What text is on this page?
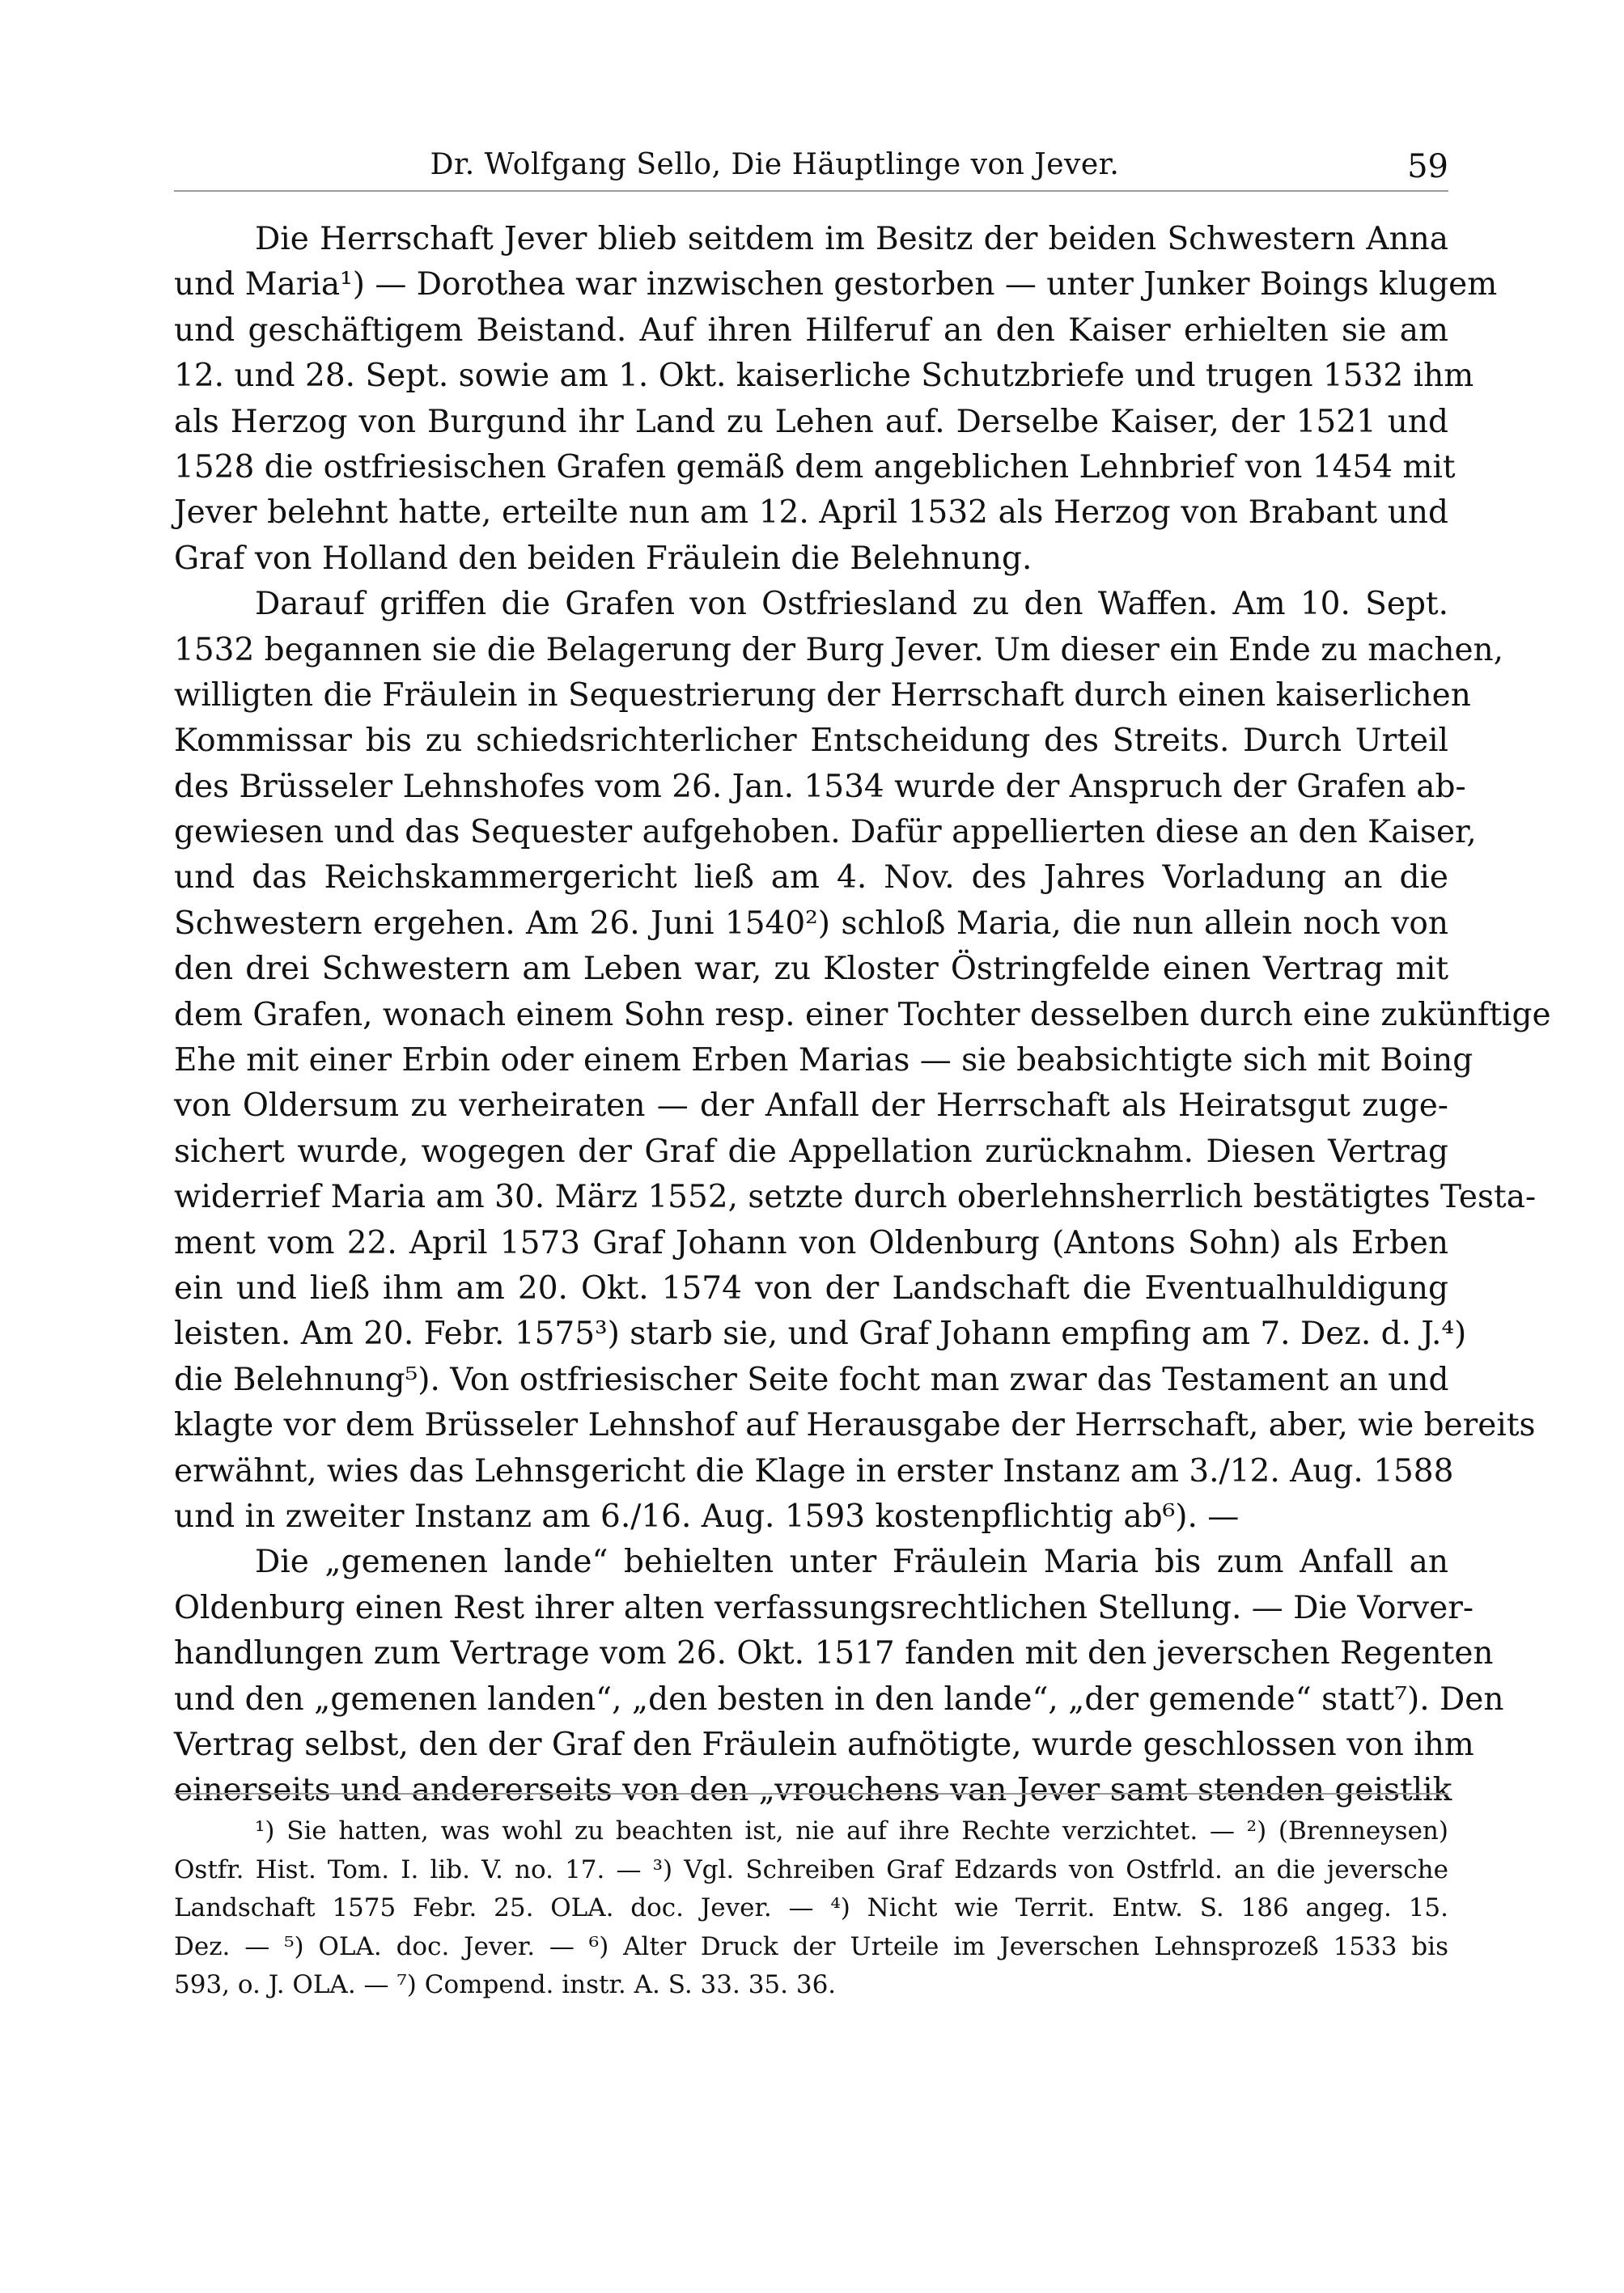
Dr. Wolfgang Sello, Die Häuptlinge von Jever.	59
Die Herrschaft Jever blieb seitdem im Besitz der beiden Schwestern Anna
und Maria¹) — Dorothea war inzwischen gestorben — unter Junker Boings klugem
und geschäftigem Beistand. Auf ihren Hilferuf an den Kaiser erhielten sie am
12. und 28. Sept. sowie am 1. Okt. kaiserliche Schutzbriefe und trugen 1532 ihm
als Herzog von Burgund ihr Land zu Lehen auf. Derselbe Kaiser, der 1521 und
1528 die ostfriesischen Grafen gemäß dem angeblichen Lehnbrief von 1454 mit
Jever belehnt hatte, erteilte nun am 12. April 1532 als Herzog von Brabant und
Graf von Holland den beiden Fräulein die Belehnung.
Darauf griffen die Grafen von Ostfriesland zu den Waffen. Am 10. Sept.
1532 begannen sie die Belagerung der Burg Jever. Um dieser ein Ende zu machen,
willigten die Fräulein in Sequestrierung der Herrschaft durch einen kaiserlichen
Kommissar bis zu schiedsrichterlicher Entscheidung des Streits. Durch Urteil
des Brüsseler Lehnshofes vom 26. Jan. 1534 wurde der Anspruch der Grafen ab-
gewiesen und das Sequester aufgehoben. Dafür appellierten diese an den Kaiser,
und das Reichskammergericht ließ am 4. Nov. des Jahres Vorladung an die
Schwestern ergehen. Am 26. Juni 1540²) schloß Maria, die nun allein noch von
den drei Schwestern am Leben war, zu Kloster Östringfelde einen Vertrag mit
dem Grafen, wonach einem Sohn resp. einer Tochter desselben durch eine zukünftige
Ehe mit einer Erbin oder einem Erben Marias — sie beabsichtigte sich mit Boing
von Oldersum zu verheiraten — der Anfall der Herrschaft als Heiratsgut zuge-
sichert wurde, wogegen der Graf die Appellation zurücknahm. Diesen Vertrag
widerrief Maria am 30. März 1552, setzte durch oberlehnsherrlich bestätigtes Testa-
ment vom 22. April 1573 Graf Johann von Oldenburg (Antons Sohn) als Erben
ein und ließ ihm am 20. Okt. 1574 von der Landschaft die Eventualhuldigung
leisten. Am 20. Febr. 1575³) starb sie, und Graf Johann empfing am 7. Dez. d. J.⁴)
die Belehnung⁵). Von ostfriesischer Seite focht man zwar das Testament an und
klagte vor dem Brüsseler Lehnshof auf Herausgabe der Herrschaft, aber, wie bereits
erwähnt, wies das Lehnsgericht die Klage in erster Instanz am 3./12. Aug. 1588
und in zweiter Instanz am 6./16. Aug. 1593 kostenpflichtig ab⁶). —
Die „gemenen lande“ behielten unter Fräulein Maria bis zum Anfall an
Oldenburg einen Rest ihrer alten verfassungsrechtlichen Stellung. — Die Vorver-
handlungen zum Vertrage vom 26. Okt. 1517 fanden mit den jeverschen Regenten
und den „gemenen landen“, „den besten in den lande“, „der gemende“ statt⁷). Den
Vertrag selbst, den der Graf den Fräulein aufnötigte, wurde geschlossen von ihm
einerseits und andererseits von den „vrouchens van Jever samt stenden geistlik
¹) Sie hatten, was wohl zu beachten ist, nie auf ihre Rechte verzichtet. — ²) (Brenneysen)
Ostfr. Hist. Tom. I. lib. V. no. 17. — ³) Vgl. Schreiben Graf Edzards von Ostfrld. an die jeversche
Landschaft 1575 Febr. 25. OLA. doc. Jever. — ⁴) Nicht wie Territ. Entw. S. 186 angeg. 15.
Dez. — ⁵) OLA. doc. Jever. — ⁶) Alter Druck der Urteile im Jeverschen Lehnsprozeß 1533 bis
593, o. J. OLA. — ⁷) Compend. instr. A. S. 33. 35. 36.
